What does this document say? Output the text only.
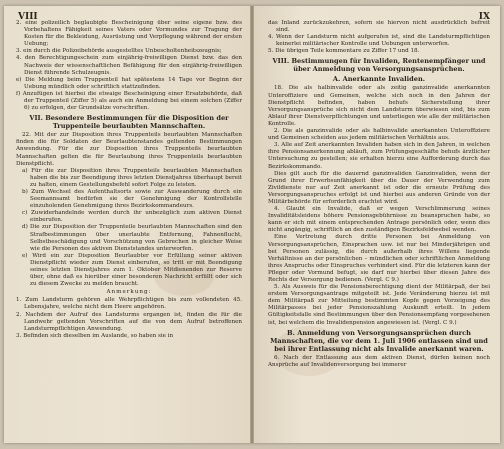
VIII

2. eine polizeilich beglaubigte Bescheinigung über seine eigene bzw. des Vorbehaltens Fähigkeit seines Vaters oder Vormundes zur Tragung der Kosten für die Bekleidung, Ausrüstung und Verpflegung während der ersten Uebung;

3. ein durch die Polizeibehörde ausgestelltes Unbescholtenheitszeugnis;

4. den Berechtigungsschein zum einjährig-freiwilligen Dienst bzw. das den Nachweis der wissenschaftlichen Befähigung für den einjährig-freiwilligen Dienst führende Schulzeugnis.

e) Die Meldung beim Truppenteil hat spätestens 14 Tage vor Beginn der Uebung mündlich oder schriftlich stattzufinden.

f) Anzufügen ist hierbei die etwaige Bescheinigung einer Ersatzbehörde, daß der Truppenteil (Ziffer 5) als auch ein Anmeldung bei einem solchen (Ziffer 6) zu erfolgen, der Grundsätze vorschriften.

VII. Besondere Bestimmungen für die Disposition der Truppenteile beurlaubten Mannschaften.

22. Mit der zur Disposition ihres Truppenteils beurlaubten Mannschaften finden die für Soldaten der Beurlaubtenstandes geltenden Bestimmungen Anwendung. Für die zur Disposition ihres Truppenteils beurlaubten Mannschaften gelten die für Beurlaubung ihres Truppenteils beurlaubten Dienstpflicht.

a) Für die zur Disposition ihres Truppenteils beurlaubten Mannschaften haben die bis zur Beendigung ihres letzten Dienstjahres überhaupt bereit zu halten, einem Gestellungsbefehl sofort Folge zu leisten.

b) Zum Wechsel des Aufenthaltsorts sowie zur Auswanderung durch ein Seemannsamt bedürfen sie der Genehmigung der Kontrollstelle einzuholenden Genehmigung ihres Bezirkskommandeurs.

c) Zuwiderhandelnde werden durch ihr unbezüglich zum aktiven Dienst einberufen.

d) Die zur Disposition der Truppenteile beurlaubten Mannschaften sind den Strafbestimmungen über unerlaubte Entfernung, Fahnenflucht, Selbstbeschädigung und Vorschützung von Gebrechen in gleicher Weise wie die Personen des aktiven Dienststandes unterworfen.

e) Wird ein zur Disposition Beurlaubter vor Erfüllung seiner aktiven Dienstpflicht wieder zum Dienst einberufen, so tritt er mit Beendigung seines letzten Dienstjahres zum 1. Oktober Mitdienenden zur Reserve über, ohne daß es hierüber einer besonderen Nachricht erfüllt oder sich zu diesem Zwecke zu melden braucht.

Anmerkung:

1. Zum Landsturm gehören alle Wehrpflichtigen bis zum vollendeten 45. Lebensjahre, welche nicht dem Heere angehören.

2. Nachdem der Aufruf des Landsturms ergangen ist, finden die für die Landwehr geltenden Vorschriften auf die von dem Aufruf betroffenen Landsturmpflichtigen Anwendung.

3. Befinden sich dieselben im Auslande, so haben sie in

IX

das Inland zurückzukehren, sofern sie hiervon nicht ausdrücklich befreit sind.

4. Wenn der Landsturm nicht aufgerufen ist, sind die Landsturmpflichtigen keinerlei militärischer Kontrolle und Uebungen unterworfen.

5. Die übrigen Teile kommentare zu Ziffer 17 und 18.

VIII. Bestimmungen für Invaliden, Rentenempfänger und über Anmeldung von Versorgungsansprüchen.

A. Anerkannte Invaliden.

18. Die als halbinvalide oder als zeitig ganzinvalide anerkannten Unteroffiziere und Gemeinen, welche sich noch in den Jahren der Dienstpflicht befinden, haben behufs Sicherstellung ihrer Versorgungsansprüche sich nicht dem Landsturm überwiesen sind, bis zum Ablauf ihrer Dienstverpflichtungen und unterliegen wie alle der militärischen Kontrolle.

2. Die als ganzinvalide oder als halbinvalide anerkannten Unteroffiziere und Gemeinen scheiden aus jedem militärischen Verhältnis aus.

3. Alle auf Zeit anerkannten Invaliden haben sich in den Jahren, in welchen ihre Pensionsanerkennung abläuft, zum Prüfungsgeschäfte behufs ärztlicher Untersuchung zu gestellen; sie erhalten hierzu eine Aufforderung durch das Bezirkskommando.

Dies gilt auch für die dauernd ganzinvaliden Ganzinvaliden, wenn der Grund ihrer Erwerbsunfähigkeit über die Dauer der Verwendung zum Zivildienste nur auf Zeit anerkannt ist oder die erneute Prüfung des Versorgungsanspruches erfolgt ist und hierbei aus anderen Gründe von der Militärbehörde für erforderlich erachtet wird.

4. Glaubt ein Invalide, daß er wegen Verschlimmerung seines Invaliditätsleidens höhere Pensionsgebührnisse zu beanspruchen habe, so kann er sich mit einem entsprechenden Antrage persönlich oder, wenn dies nicht angängig, schriftlich an den zuständigen Bezirksfeldwebel wenden.

Eine Vertretung durch dritte Personen bei Anmeldung von Versorgungsansprüchen, Einsprachen usw. ist nur bei Minderjährigen und bei Personen zulässig, die durch außerhalb ihres Willens liegende Verhältnisse an der persönlichen – mündlichen oder schriftlichen Anmeldung ihres Anspruchs oder Einspruches verhindert sind. Für die letzteren kann der Pfleger oder Vormund befugt, sie darf nur hierbei über diesen Jahre des Rechts der Versorgung bedienen. (Vergl. C 9.)

5. Als Ausweis für die Pensionsberechtigung dient der Militärpaß, der bei erstem Versorgungsantrage mitgeteilt ist. Jede Veränderung hierzu ist mit dem Militärpaß zur Mitteilung bestimmten Kopfe gegen Vorzeigung des Militärpasses bei jeder Pensionszahlung Auskunft erteilt. In jedem Gültigkeitsfalle sind Bestimmungen über den Pensionsempfang vorgesehenen ist, bei welchem die Invalidenpension angewiesen ist. (Vergl. C 9.)

B. Anmeldung von Versorgungsansprüchen durch Mannschaften, die vor dem 1. Juli 1906 entlassen sind und bei ihrer Entlassung nicht als Invalide anerkannt waren.

6. Nach der Entlassung aus dem aktiven Dienst, dürfen keinen noch Ansprüche auf Invalidenversorgung bei immerer
